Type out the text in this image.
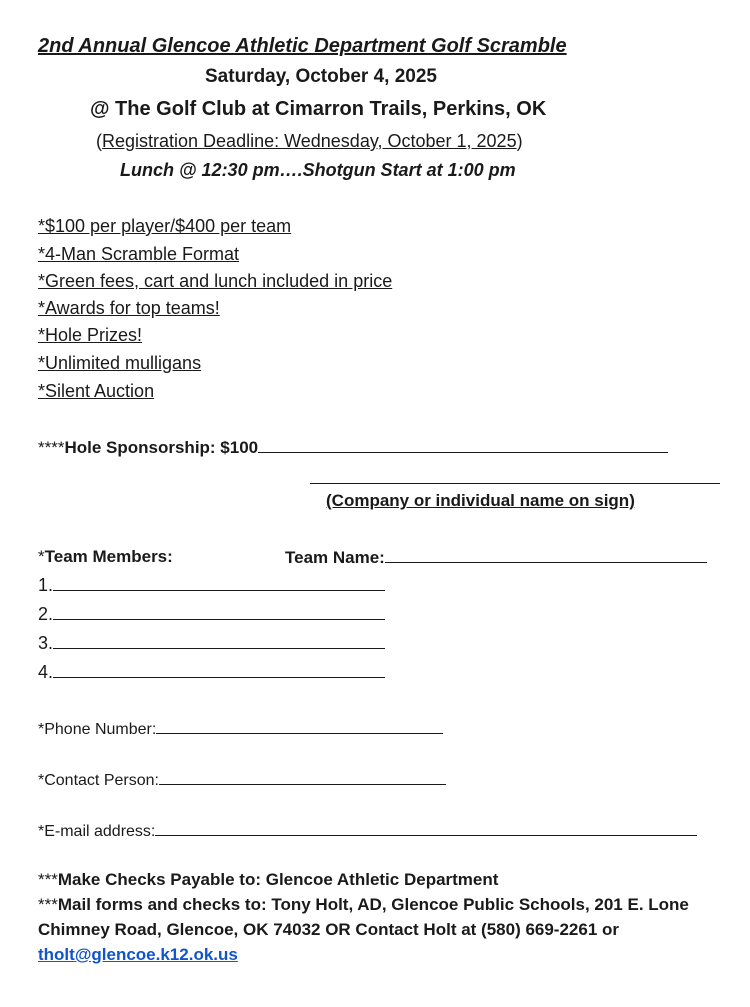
2nd Annual Glencoe Athletic Department Golf Scramble
Saturday, October 4, 2025
@ The Golf Club at Cimarron Trails, Perkins, OK
(Registration Deadline: Wednesday, October 1, 2025)
Lunch @ 12:30 pm….Shotgun Start at 1:00 pm
*$100 per player/$400 per team
*4-Man Scramble Format
*Green fees, cart and lunch included in price
*Awards for top teams!
*Hole Prizes!
*Unlimited mulligans
*Silent Auction
****Hole Sponsorship: $100
(Company or individual name on sign)
*Team Members:	Team Name:
1.
2.
3.
4.
*Phone Number:
*Contact Person:
*E-mail address:
***Make Checks Payable to: Glencoe Athletic Department
***Mail forms and checks to: Tony Holt, AD, Glencoe Public Schools, 201 E. Lone Chimney Road, Glencoe, OK 74032 OR Contact Holt at (580) 669-2261 or tholt@glencoe.k12.ok.us
